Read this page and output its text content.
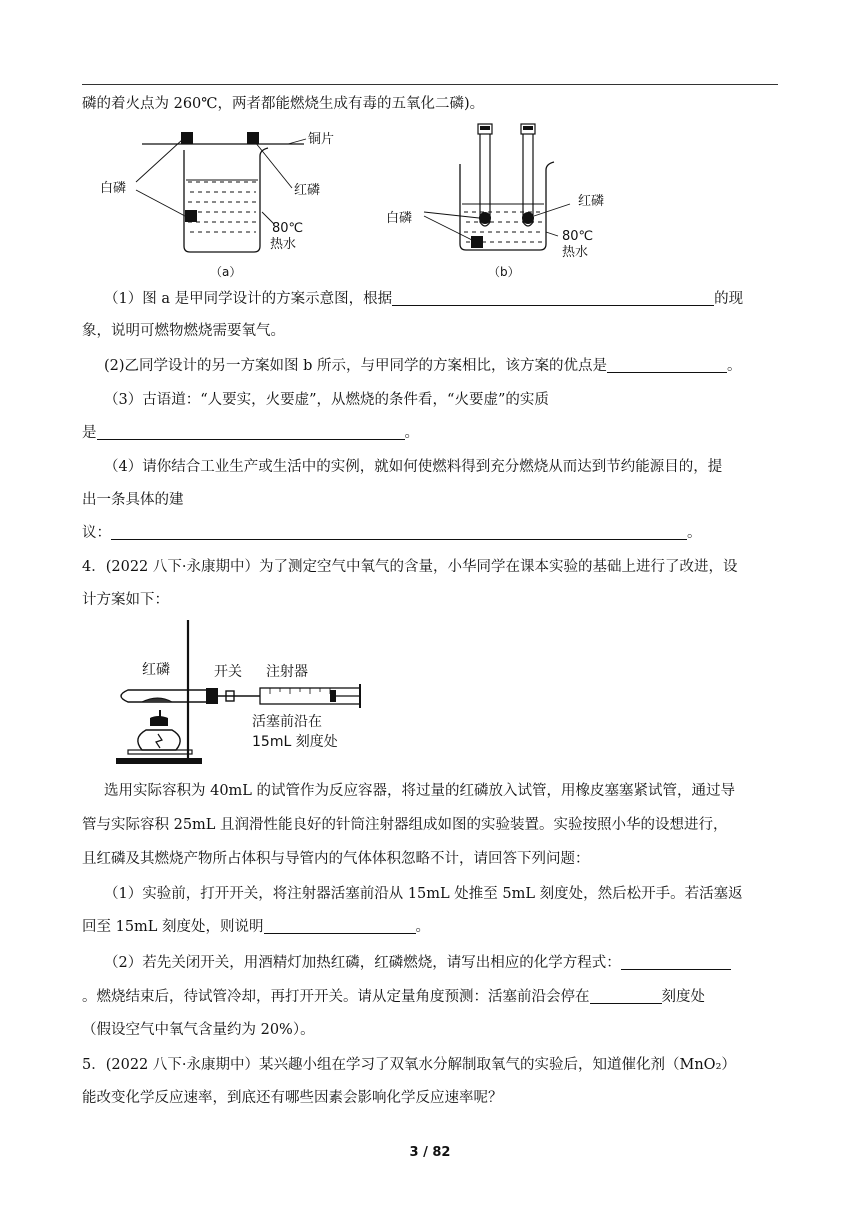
磷的着火点为 260℃，两者都能燃烧生成有毒的五氧化二磷)。
铜片
白磷	红磷
80℃
热水
（a）
红磷
白磷
80℃
热水
（b）
（1）图 a 是甲同学设计的方案示意图，根据	的现
象，说明可燃物燃烧需要氧气。
(2)乙同学设计的另一方案如图 b 所示，与甲同学的方案相比，该方案的优点是	。
（3）古语道：“人要实，火要虚”，从燃烧的条件看，“火要虚”的实质
是	。
（4）请你结合工业生产或生活中的实例，就如何使燃料得到充分燃烧从而达到节约能源目的，提
出一条具体的建
议：	。
4．(2022 八下·永康期中）为了测定空气中氧气的含量，小华同学在课本实验的基础上进行了改进，设
计方案如下：
红磷	开关 注射器
活塞前沿在
15mL 刻度处
选用实际容积为 40mL 的试管作为反应容器，将过量的红磷放入试管，用橡皮塞塞紧试管，通过导
管与实际容积 25mL 且润滑性能良好的针筒注射器组成如图的实验装置。实验按照小华的设想进行，
且红磷及其燃烧产物所占体积与导管内的气体体积忽略不计，请回答下列问题：
（1）实验前，打开开关，将注射器活塞前沿从 15mL 处推至 5mL 刻度处，然后松开手。若活塞返
回至 15mL 刻度处，则说明	。
（2）若先关闭开关，用酒精灯加热红磷，红磷燃烧，请写出相应的化学方程式：
。燃烧结束后，待试管冷却，再打开开关。请从定量角度预测：活塞前沿会停在	刻度处
（假设空气中氧气含量约为 20%）。
5．(2022 八下·永康期中）某兴趣小组在学习了双氧水分解制取氧气的实验后，知道催化剂（MnO₂）
能改变化学反应速率，到底还有哪些因素会影响化学反应速率呢？
3 / 82
